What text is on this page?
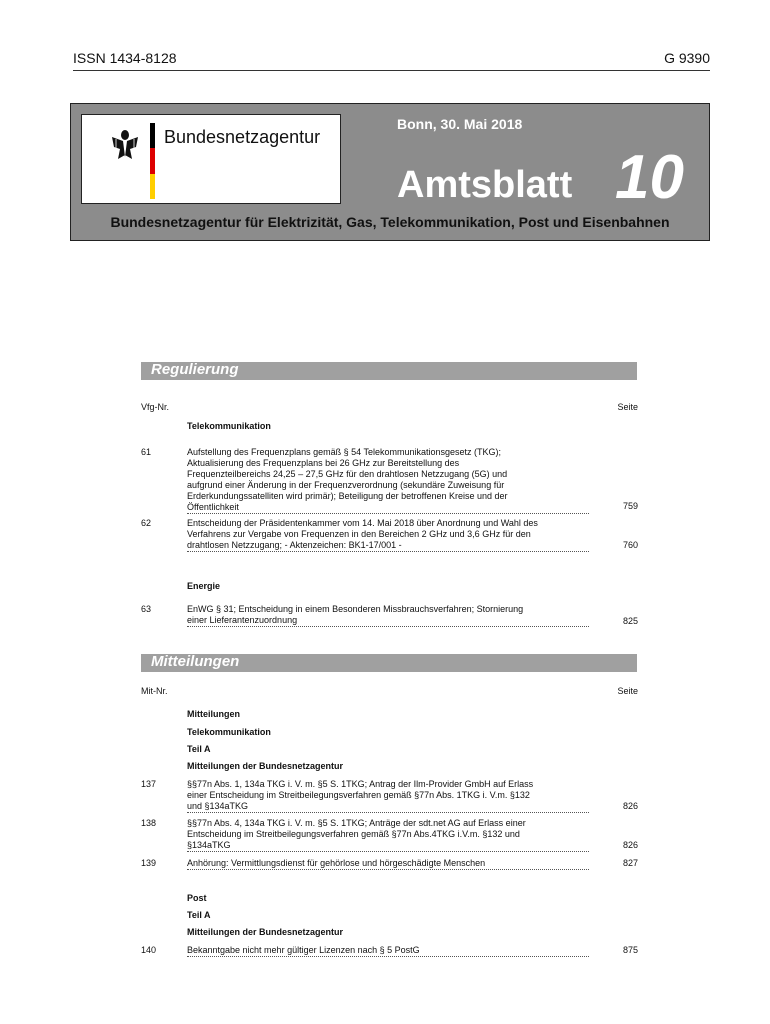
ISSN 1434-8128	G 9390
Bundesnetzagentur
Bonn, 30. Mai 2018
Amtsblatt 10
Bundesnetzagentur für Elektrizität, Gas, Telekommunikation, Post und Eisenbahnen
Regulierung
Vfg-Nr.	Seite
Telekommunikation
61	Aufstellung des Frequenzplans gemäß § 54 Telekommunikationsgesetz (TKG);
Aktualisierung des Frequenzplans bei 26 GHz zur Bereitstellung des
Frequenzteilbereichs 24,25 – 27,5 GHz für den drahtlosen Netzzugang (5G) und
aufgrund einer Änderung in der Frequenzverordnung (sekundäre Zuweisung für
Erderkundungssatelliten wird primär); Beteiligung der betroffenen Kreise und der
Öffentlichkeit	759
62	Entscheidung der Präsidentenkammer vom 14. Mai 2018 über Anordnung und Wahl des
Verfahrens zur Vergabe von Frequenzen in den Bereichen 2 GHz und 3,6 GHz für den
drahtlosen Netzzugang; - Aktenzeichen: BK1-17/001 -	760
Energie
63	EnWG § 31; Entscheidung in einem Besonderen Missbrauchsverfahren; Stornierung
einer Lieferantenzuordnung	825
Mitteilungen
Mit-Nr.	Seite
Mitteilungen
Telekommunikation
Teil A
Mitteilungen der Bundesnetzagentur
137	§§77n Abs. 1, 134a TKG i. V. m. §5 S. 1TKG; Antrag der Ilm-Provider GmbH auf Erlass
einer Entscheidung im Streitbeilegungsverfahren gemäß §77n Abs. 1TKG i. V.m. §132
und §134aTKG	826
138	§§77n Abs. 4, 134a TKG i. V. m. §5 S. 1TKG; Anträge der sdt.net AG auf Erlass einer
Entscheidung im Streitbeilegungsverfahren gemäß §77n Abs.4TKG i.V.m. §132 und
§134aTKG	826
139	Anhörung: Vermittlungsdienst für gehörlose und hörgeschädigte Menschen	827
Post
Teil A
Mitteilungen der Bundesnetzagentur
140	Bekanntgabe nicht mehr gültiger Lizenzen nach § 5 PostG	875
